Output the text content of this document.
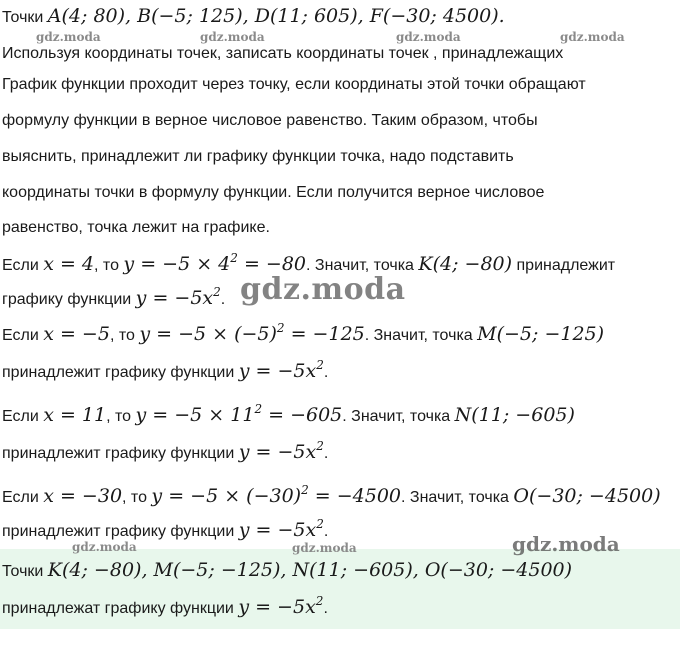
gdz.moda	gdz.moda	gdz.moda	gdz.moda
Точки A(4; 80), B(−5; 125), D(11; 605), F(−30; 4500).
Используя координаты точек, записать координаты точек , принадлежащих
График функции проходит через точку, если координаты этой точки обращают
формулу функции в верное числовое равенство. Таким образом, чтобы
выяснить, принадлежит ли графику функции точка, надо подставить
координаты точки в формулу функции. Если получится верное числовое
равенство, точка лежит на графике.
Если x = 4, то $y = -5 \times 4^2 = -80$. Значит, точка K(4; −80) принадлежит
графику функции $y = -5x^2$. gdz.moda
Если x = −5, то $y = -5 \times (-5)^2 = -125$. Значит, точка M(−5; −125)
принадлежит графику функции $y = -5x^2$.
Если x = 11, то $y = -5 \times 11^2 = -605$. Значит, точка N(11; −605)
принадлежит графику функции $y = -5x^2$.
Если x = −30, то $y = -5 \times (-30)^2 = -4500$. Значит, точка O(−30; −4500)
принадлежит графику функции $y = -5x^2$.
gdz.moda
gdz.moda	gdz.moda
Точки K(4; −80), M(−5; −125), N(11; −605), O(−30; −4500)
принадлежат графику функции $y = -5x^2$.
